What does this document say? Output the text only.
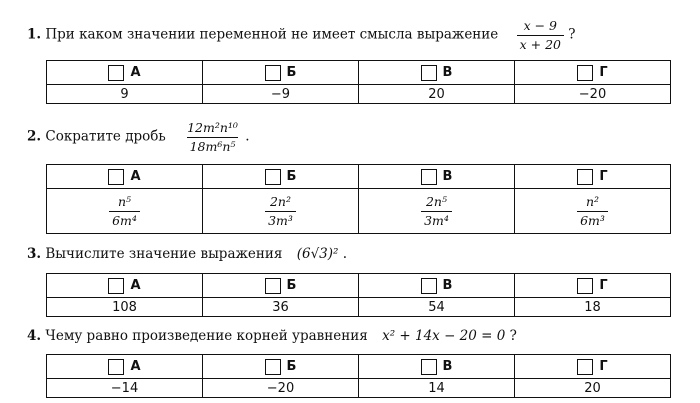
1. При каком значении переменной не имеет смысла выражение $\frac{x - 9}{x + 20}$ ?
А	Б	В	Г
9	−9	20	−20
2. Сократите дробь $\frac{\text{12m²n¹⁰}}{\text{18m⁶n⁵}}$ .
А	Б	В	Г
$\frac{\text{n⁵}}{\text{6m⁴}}$	$\frac{\text{2n²}}{\text{3m³}}$	$\frac{\text{2n⁵}}{\text{3m⁴}}$	$\frac{\text{n²}}{\text{6m³}}$
3. Вычислите значение выражения (6√3)² .
А	Б	В	Г
108	36	54	18
4. Чему равно произведение корней уравнения x² + 14x − 20 = 0 ?
А	Б	В	Г
−14	−20	14	20
